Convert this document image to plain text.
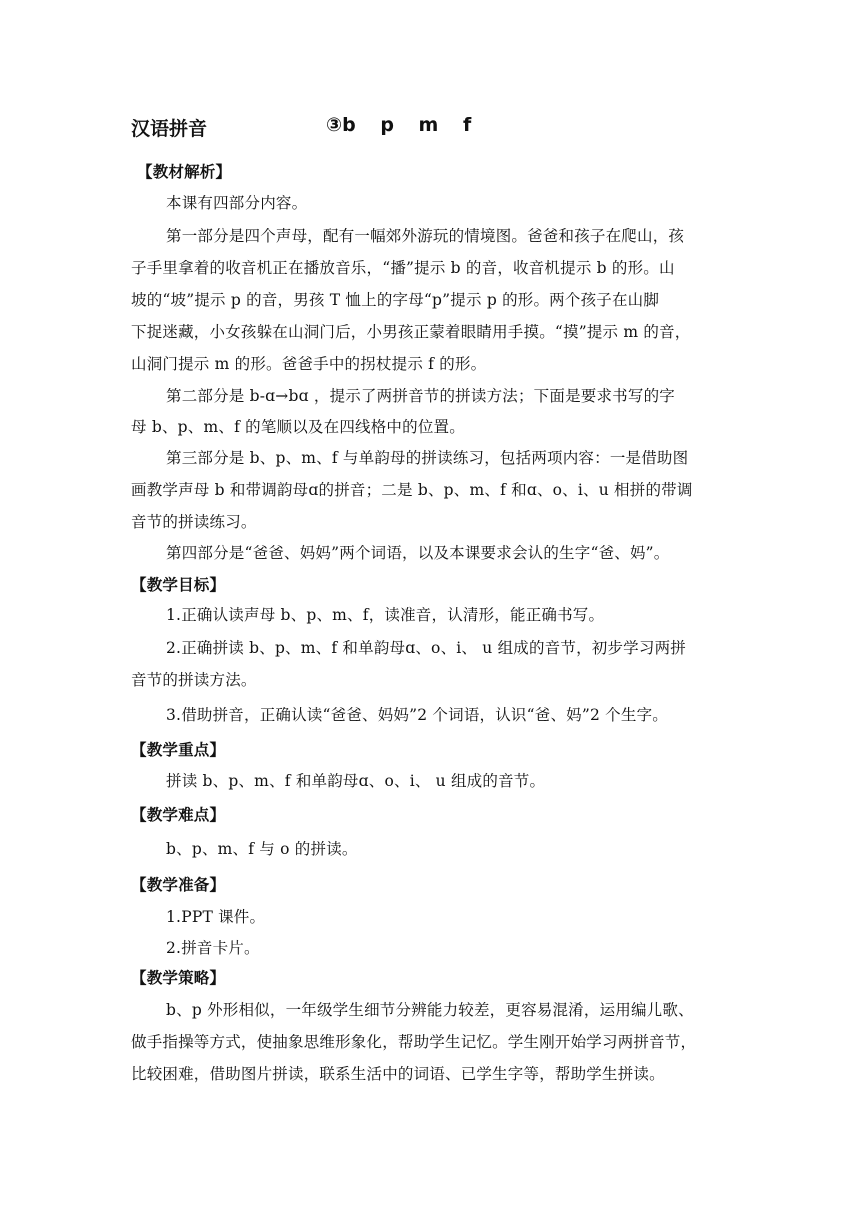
汉语拼音	③b p m f
【教材解析】
本课有四部分内容。
第一部分是四个声母，配有一幅郊外游玩的情境图。爸爸和孩子在爬山，孩
子手里拿着的收音机正在播放音乐，“播”提示 b 的音，收音机提示 b 的形。山
坡的“坡”提示 p 的音，男孩 T 恤上的字母“p”提示 p 的形。两个孩子在山脚
下捉迷藏，小女孩躲在山洞门后，小男孩正蒙着眼睛用手摸。“摸”提示 m 的音，
山洞门提示 m 的形。爸爸手中的拐杖提示 f 的形。
第二部分是 b-ɑ→bɑ ，提示了两拼音节的拼读方法；下面是要求书写的字
母 b、p、m、f 的笔顺以及在四线格中的位置。
第三部分是 b、p、m、f 与单韵母的拼读练习，包括两项内容：一是借助图
画教学声母 b 和带调韵母ɑ的拼音；二是 b、p、m、f 和ɑ、o、i、u 相拼的带调
音节的拼读练习。
第四部分是“爸爸、妈妈”两个词语，以及本课要求会认的生字“爸、妈”。
【教学目标】
1.正确认读声母 b、p、m、f，读准音，认清形，能正确书写。
2.正确拼读 b、p、m、f 和单韵母ɑ、o、i、 u 组成的音节，初步学习两拼
音节的拼读方法。
3.借助拼音，正确认读“爸爸、妈妈”2 个词语，认识“爸、妈”2 个生字。
【教学重点】
拼读 b、p、m、f 和单韵母ɑ、o、i、 u 组成的音节。
【教学难点】
b、p、m、f 与 o 的拼读。
【教学准备】
1.PPT 课件。
2.拼音卡片。
【教学策略】
b、p 外形相似，一年级学生细节分辨能力较差，更容易混淆，运用编儿歌、
做手指操等方式，使抽象思维形象化，帮助学生记忆。学生刚开始学习两拼音节，
比较困难，借助图片拼读，联系生活中的词语、已学生字等，帮助学生拼读。
